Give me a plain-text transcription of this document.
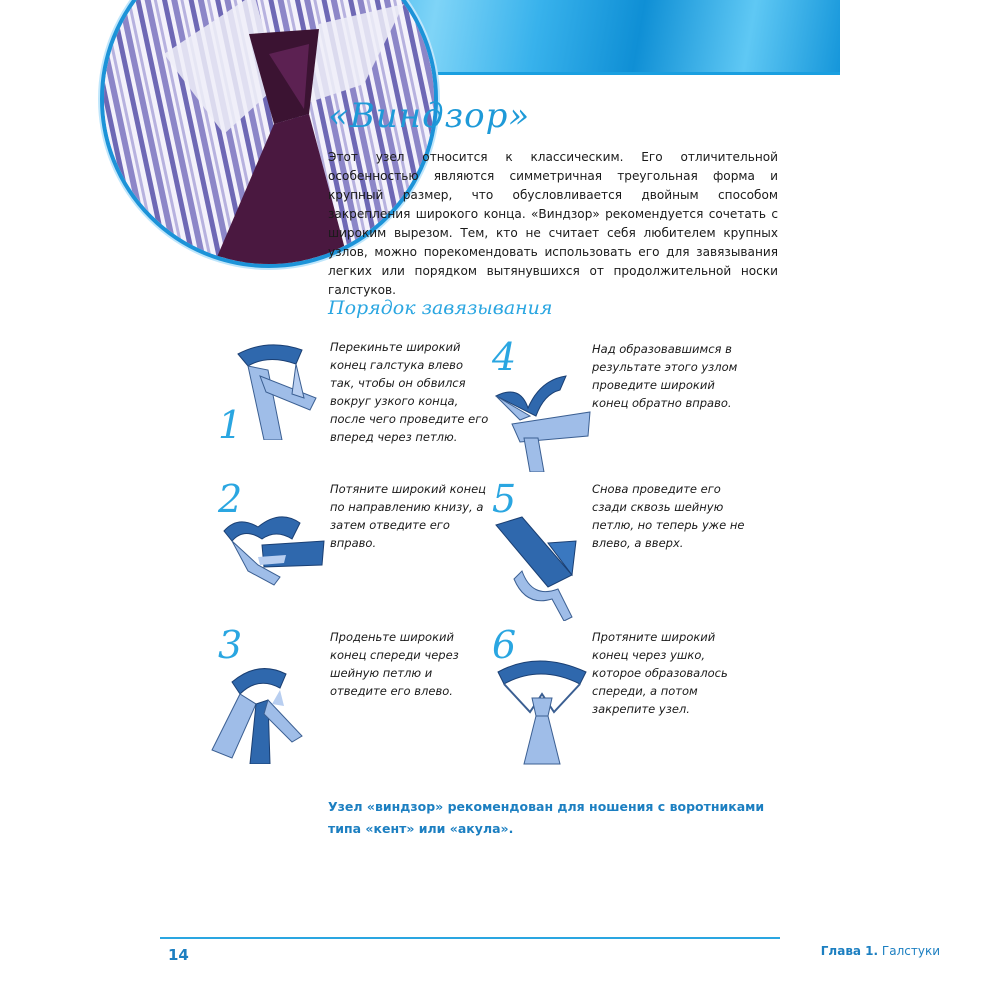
«Виндзор»
Этот узел относится к классическим. Его отличительной особенностью являются симметричная треугольная форма и крупный размер, что обусловливается двойным способом закрепления широкого конца. «Виндзор» рекомендуется сочетать с широким вырезом. Тем, кто не считает себя любителем крупных узлов, можно порекомендовать использовать его для завязывания легких или порядком вытянувшихся от продолжительной носки галстуков.
Порядок завязывания
1
Перекиньте широкий конец галстука влево так, чтобы он обвился вокруг узкого конца, после чего проведите его вперед через петлю.
2	Потяните широкий конец по направлению книзу, а затем отведите его вправо.
3	Проденьте широкий конец спереди через шейную петлю и отведите его влево.
4	Над образовавшимся в результате этого узлом проведите широкий конец обратно вправо.
5	Снова проведите его сзади сквозь шейную петлю, но теперь уже не влево, а вверх.
6	Протяните широкий конец через ушко, которое образовалось спереди, а потом закрепите узел.
Узел «виндзор» рекомендован для ношения с воротниками типа «кент» или «акула».
14	Глава 1. Галстуки
